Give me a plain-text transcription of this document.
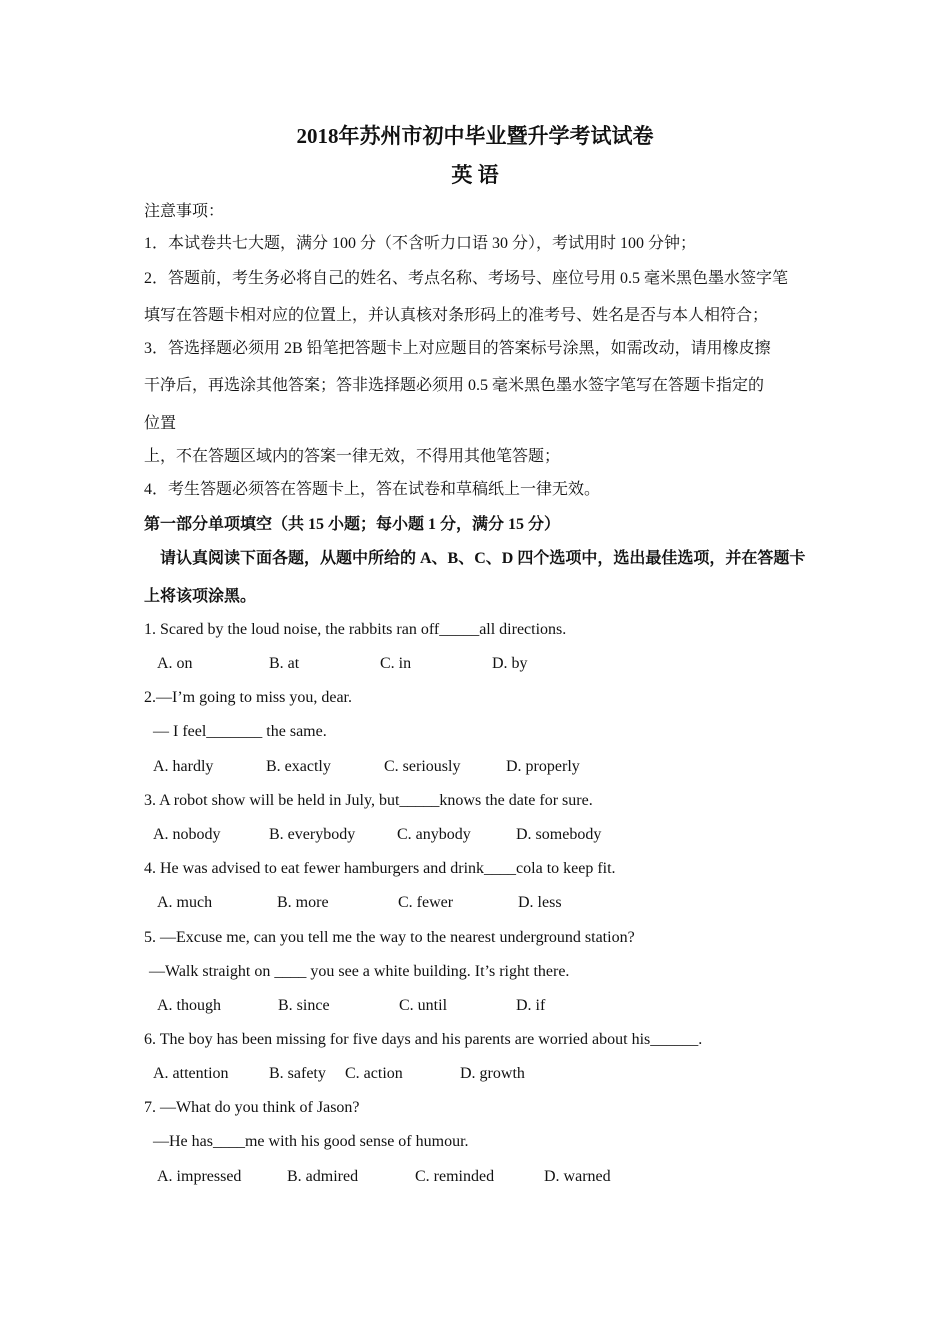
2018年苏州市初中毕业暨升学考试试卷
英 语
注意事项：
1．本试卷共七大题，满分 100 分（不含听力口语 30 分），考试用时 100 分钟；
2．答题前，考生务必将自己的姓名、考点名称、考场号、座位号用 0.5 毫米黑色墨水签字笔
填写在答题卡相对应的位置上，并认真核对条形码上的准考号、姓名是否与本人相符合；
3．答选择题必须用 2B 铅笔把答题卡上对应题目的答案标号涂黑，如需改动，请用橡皮擦
干净后，再选涂其他答案；答非选择题必须用 0.5 毫米黑色墨水签字笔写在答题卡指定的
位置
上，不在答题区域内的答案一律无效，不得用其他笔答题；
4．考生答题必须答在答题卡上，答在试卷和草稿纸上一律无效。
第一部分单项填空（共 15 小题；每小题 1 分，满分 15 分）
请认真阅读下面各题，从题中所给的 A、B、C、D 四个选项中，选出最佳选项，并在答题卡
上将该项涂黑。
1. Scared by the loud noise, the rabbits ran off_____all directions.
A. on	B. at	C. in	D. by
2.—I’m going to miss you, dear.
— I feel_______ the same.
A. hardly	B. exactly	C. seriously	D. properly
3. A robot show will be held in July, but_____knows the date for sure.
A. nobody	B. everybody	C. anybody	D. somebody
4. He was advised to eat fewer hamburgers and drink____cola to keep fit.
A. much	B. more	C. fewer	D. less
5. —Excuse me, can you tell me the way to the nearest underground station?
—Walk straight on ____ you see a white building. It’s right there.
A. though	B. since	C. until	D. if
6. The boy has been missing for five days and his parents are worried about his______.
A. attention	B. safety C. action	D. growth
7. —What do you think of Jason?
—He has____me with his good sense of humour.
A. impressed	B. admired	C. reminded	D. warned
